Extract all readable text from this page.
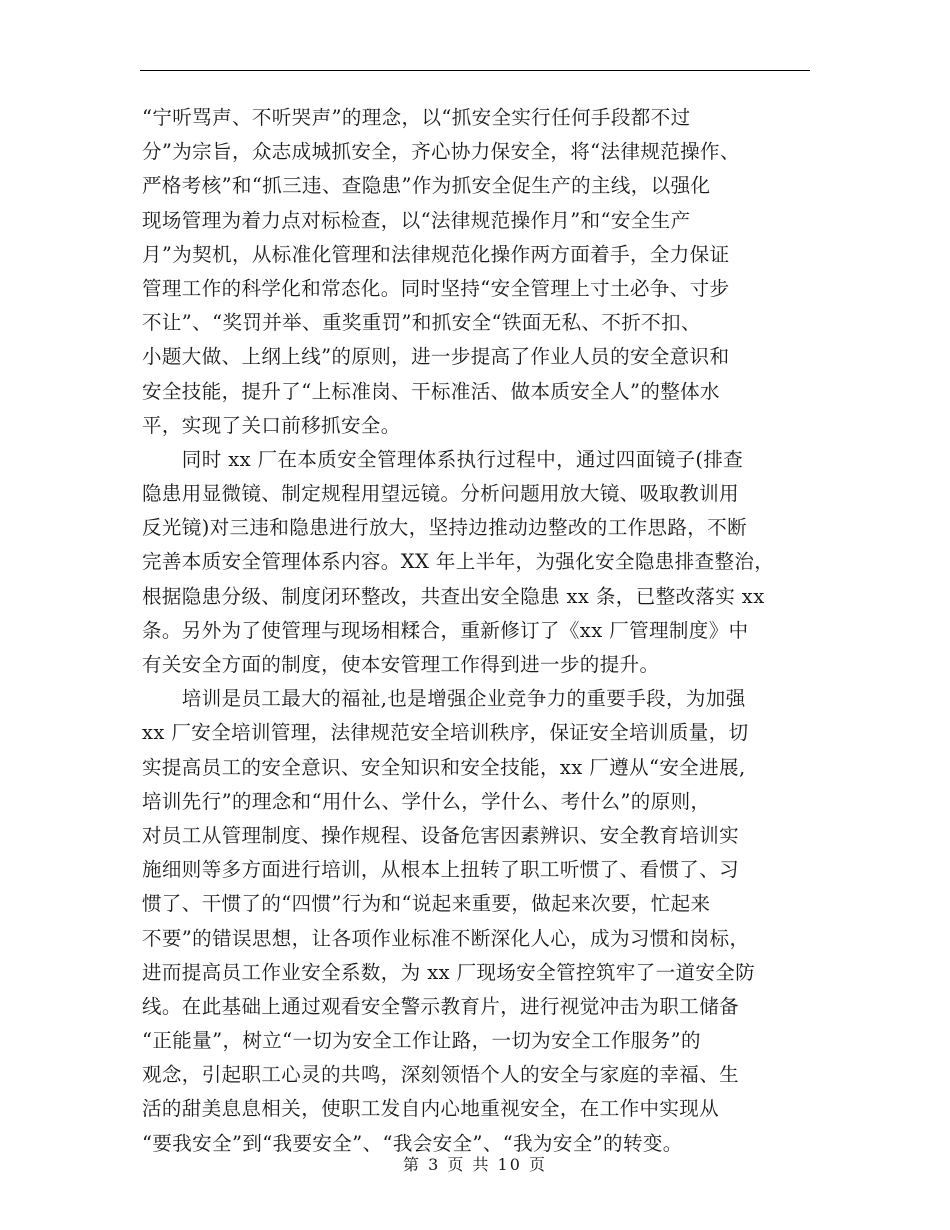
“宁听骂声、不听哭声”的理念，以“抓安全实行任何手段都不过
分”为宗旨，众志成城抓安全，齐心协力保安全，将“法律规范操作、
严格考核”和“抓三违、查隐患”作为抓安全促生产的主线，以强化
现场管理为着力点对标检查，以“法律规范操作月”和“安全生产
月”为契机，从标准化管理和法律规范化操作两方面着手，全力保证
管理工作的科学化和常态化。同时坚持“安全管理上寸土必争、寸步
不让”、“奖罚并举、重奖重罚”和抓安全“铁面无私、不折不扣、
小题大做、上纲上线”的原则，进一步提高了作业人员的安全意识和
安全技能，提升了“上标准岗、干标准活、做本质安全人”的整体水
平，实现了关口前移抓安全。
　　同时 xx 厂在本质安全管理体系执行过程中，通过四面镜子(排查
隐患用显微镜、制定规程用望远镜。分析问题用放大镜、吸取教训用
反光镜)对三违和隐患进行放大，坚持边推动边整改的工作思路，不断
完善本质安全管理体系内容。XX 年上半年，为强化安全隐患排查整治，
根据隐患分级、制度闭环整改，共查出安全隐患 xx 条，已整改落实 xx
条。另外为了使管理与现场相糅合，重新修订了《xx 厂管理制度》中
有关安全方面的制度，使本安管理工作得到进一步的提升。
　　培训是员工最大的福祉,也是增强企业竞争力的重要手段，为加强
xx 厂安全培训管理，法律规范安全培训秩序，保证安全培训质量，切
实提高员工的安全意识、安全知识和安全技能，xx 厂遵从“安全进展,
培训先行”的理念和“用什么、学什么，学什么、考什么”的原则，
对员工从管理制度、操作规程、设备危害因素辨识、安全教育培训实
施细则等多方面进行培训，从根本上扭转了职工听惯了、看惯了、习
惯了、干惯了的“四惯”行为和“说起来重要，做起来次要，忙起来
不要”的错误思想，让各项作业标准不断深化人心，成为习惯和岗标，
进而提高员工作业安全系数，为 xx 厂现场安全管控筑牢了一道安全防
线。在此基础上通过观看安全警示教育片，进行视觉冲击为职工储备
“正能量”，树立“一切为安全工作让路，一切为安全工作服务”的
观念，引起职工心灵的共鸣，深刻领悟个人的安全与家庭的幸福、生
活的甜美息息相关，使职工发自内心地重视安全，在工作中实现从
“要我安全”到“我要安全”、“我会安全”、“我为安全”的转变。
第 3 页 共 10 页
